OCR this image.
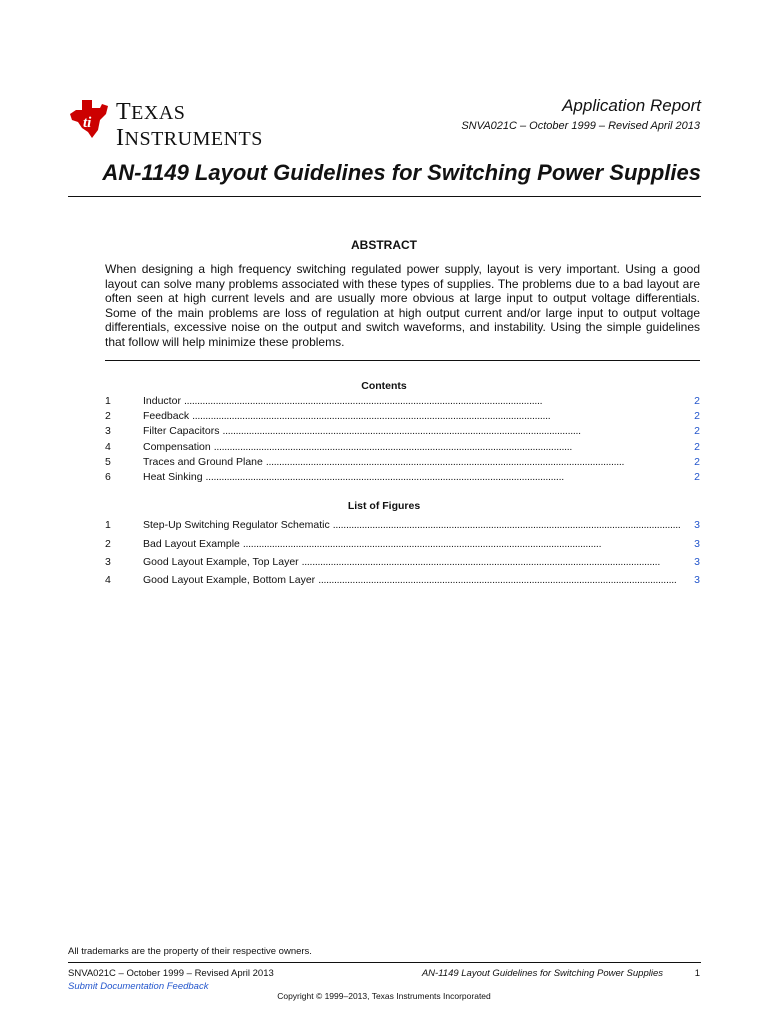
ti TEXAS
INSTRUMENTS
Application Report
SNVA021C – October 1999 – Revised April 2013
AN-1149 Layout Guidelines for Switching Power Supplies
ABSTRACT

When designing a high frequency switching regulated power supply, layout is very important. Using a good layout can solve many problems associated with these types of supplies. The problems due to a bad layout are often seen at high current levels and are usually more obvious at large input to output voltage differentials. Some of the main problems are loss of regulation at high output current and/or large input to output voltage differentials, excessive noise on the output and switch waveforms, and instability. Using the simple guidelines that follow will help minimize these problems.

Contents
1	Inductor . . .	2
2	Feedback . . .	2
3	Filter Capacitors . . .	2
4	Compensation . . .	2
5	Traces and Ground Plane . . .	2
6	Heat Sinking . . .	2
List of Figures
1	Step-Up Switching Regulator Schematic . . .	3
2	Bad Layout Example . . .	3
3	Good Layout Example, Top Layer . . .	3
4	Good Layout Example, Bottom Layer . . .	3
All trademarks are the property of their respective owners.
SNVA021C – October 1999 – Revised April 2013	AN-1149 Layout Guidelines for Switching Power Supplies	1
Submit Documentation Feedback
Copyright © 1999–2013, Texas Instruments Incorporated
